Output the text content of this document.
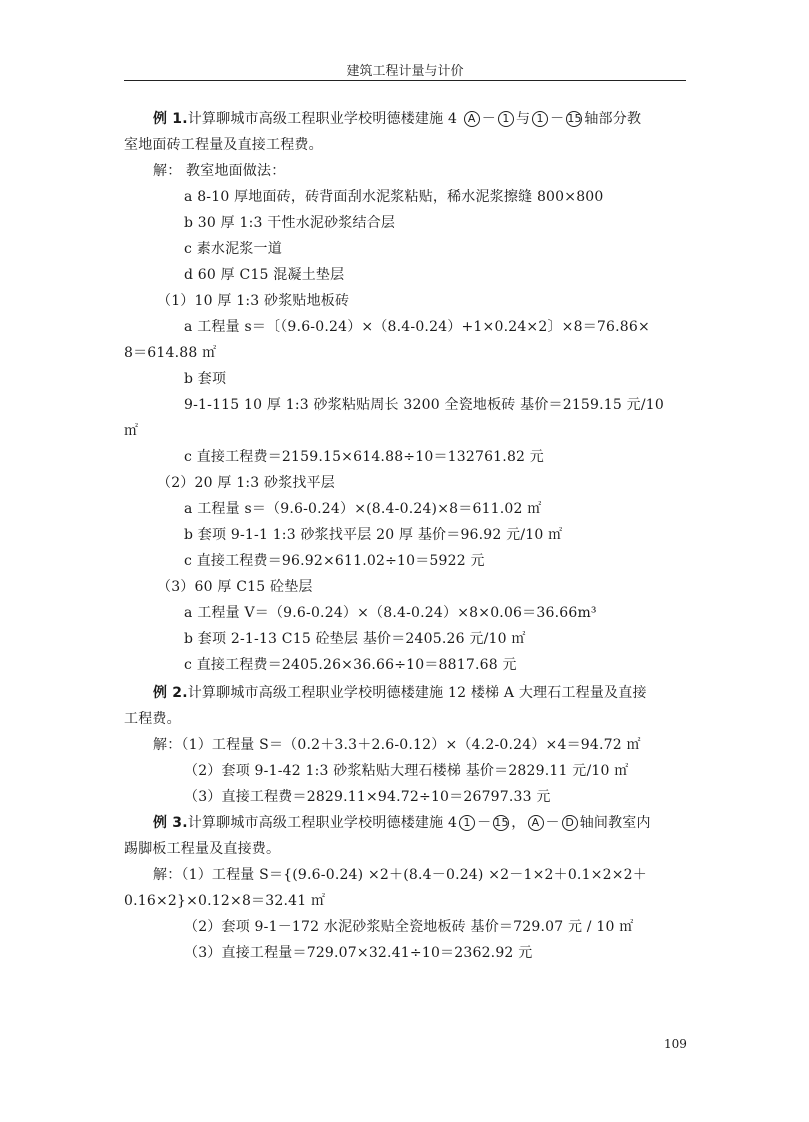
建筑工程计量与计价
例 1.计算聊城市高级工程职业学校明德楼建施 4 A － 1 与 1 － 15 轴部分教
室地面砖工程量及直接工程费。
解： 教室地面做法：
a 8-10 厚地面砖，砖背面刮水泥浆粘贴，稀水泥浆擦缝 800×800
b 30 厚 1:3 干性水泥砂浆结合层
c 素水泥浆一道
d 60 厚 C15 混凝土垫层
（1）10 厚 1:3 砂浆贴地板砖
a 工程量 s＝〔（9.6-0.24）×（8.4-0.24）+1×0.24×2〕×8＝76.86×
8＝614.88 ㎡
b 套项
9-1-115 10 厚 1:3 砂浆粘贴周长 3200 全瓷地板砖 基价＝2159.15 元/10
㎡
c 直接工程费＝2159.15×614.88÷10＝132761.82 元
（2）20 厚 1:3 砂浆找平层
a 工程量 s＝（9.6-0.24）×(8.4-0.24)×8＝611.02 ㎡
b 套项 9-1-1 1:3 砂浆找平层 20 厚 基价＝96.92 元/10 ㎡
c 直接工程费＝96.92×611.02÷10＝5922 元
（3）60 厚 C15 砼垫层
a 工程量 V＝（9.6-0.24）×（8.4-0.24）×8×0.06＝36.66m³
b 套项 2-1-13 C15 砼垫层 基价＝2405.26 元/10 ㎡
c 直接工程费＝2405.26×36.66÷10＝8817.68 元
例 2.计算聊城市高级工程职业学校明德楼建施 12 楼梯 A 大理石工程量及直接
工程费。
解：（1）工程量 S＝（0.2＋3.3＋2.6-0.12）×（4.2-0.24）×4＝94.72 ㎡
（2）套项 9-1-42 1:3 砂浆粘贴大理石楼梯 基价＝2829.11 元/10 ㎡
（3）直接工程费＝2829.11×94.72÷10＝26797.33 元
例 3.计算聊城市高级工程职业学校明德楼建施 4 1 － 15 ， A － D 轴间教室内
踢脚板工程量及直接费。
解：（1）工程量 S＝{(9.6-0.24) ×2＋(8.4－0.24) ×2－1×2＋0.1×2×2＋
0.16×2}×0.12×8＝32.41 ㎡
（2）套项 9-1－172 水泥砂浆贴全瓷地板砖 基价＝729.07 元 / 10 ㎡
（3）直接工程量＝729.07×32.41÷10＝2362.92 元
109
